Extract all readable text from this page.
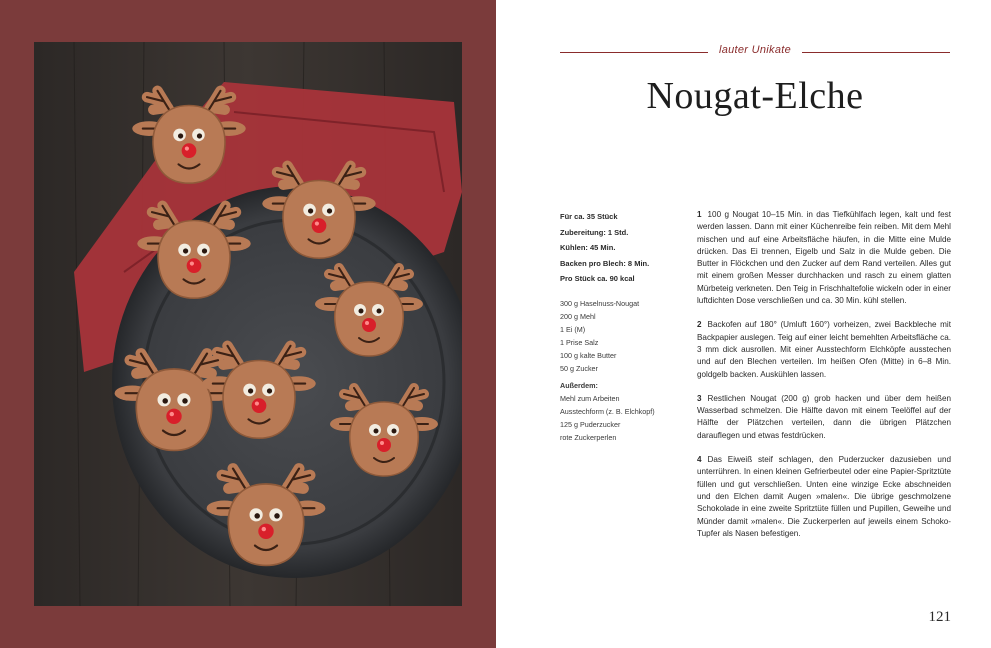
lauter Unikate
Nougat-Elche
Für ca. 35 Stück
Zubereitung: 1 Std.
Kühlen: 45 Min.
Backen pro Blech: 8 Min.
Pro Stück ca. 90 kcal
300 g Haselnuss-Nougat
200 g Mehl
1 Ei (M)
1 Prise Salz
100 g kalte Butter
50 g Zucker
Außerdem:
Mehl zum Arbeiten
Ausstechform (z. B. Elchkopf)
125 g Puderzucker
rote Zuckerperlen

1 100 g Nougat 10–15 Min. in das Tiefkühlfach legen, kalt und fest werden lassen. Dann mit einer Küchenreibe fein reiben. Mit dem Mehl mischen und auf eine Arbeitsfläche häufen, in die Mitte eine Mulde drücken. Das Ei trennen, Eigelb und Salz in die Mulde geben. Die Butter in Flöckchen und den Zucker auf dem Rand verteilen. Alles gut mit einem großen Messer durchhacken und rasch zu einem glatten Mürbeteig verkneten. Den Teig in Frischhaltefolie wickeln oder in einer luftdichten Dose verschließen und ca. 30 Min. kühl stellen.

2 Backofen auf 180° (Umluft 160°) vorheizen, zwei Backbleche mit Backpapier auslegen. Teig auf einer leicht bemehlten Arbeitsfläche ca. 3 mm dick ausrollen. Mit einer Ausstechform Elchköpfe ausstechen und auf den Blechen verteilen. Im heißen Ofen (Mitte) in 6–8 Min. goldgelb backen. Auskühlen lassen.

3 Restlichen Nougat (200 g) grob hacken und über dem heißen Wasserbad schmelzen. Die Hälfte davon mit einem Teelöffel auf der Hälfte der Plätzchen verteilen, dann die übrigen Plätzchen darauflegen und etwas festdrücken.

4 Das Eiweiß steif schlagen, den Puderzucker dazusieben und unterrühren. In einen kleinen Gefrierbeutel oder eine Papier-Spritztüte füllen und gut verschließen. Unten eine winzige Ecke abschneiden und den Elchen damit Augen »malen«. Die übrige geschmolzene Schokolade in eine zweite Spritztüte füllen und Pupillen, Geweihe und Münder damit »malen«. Die Zuckerperlen auf jeweils einem Schoko-Tupfer als Nasen befestigen.

121
